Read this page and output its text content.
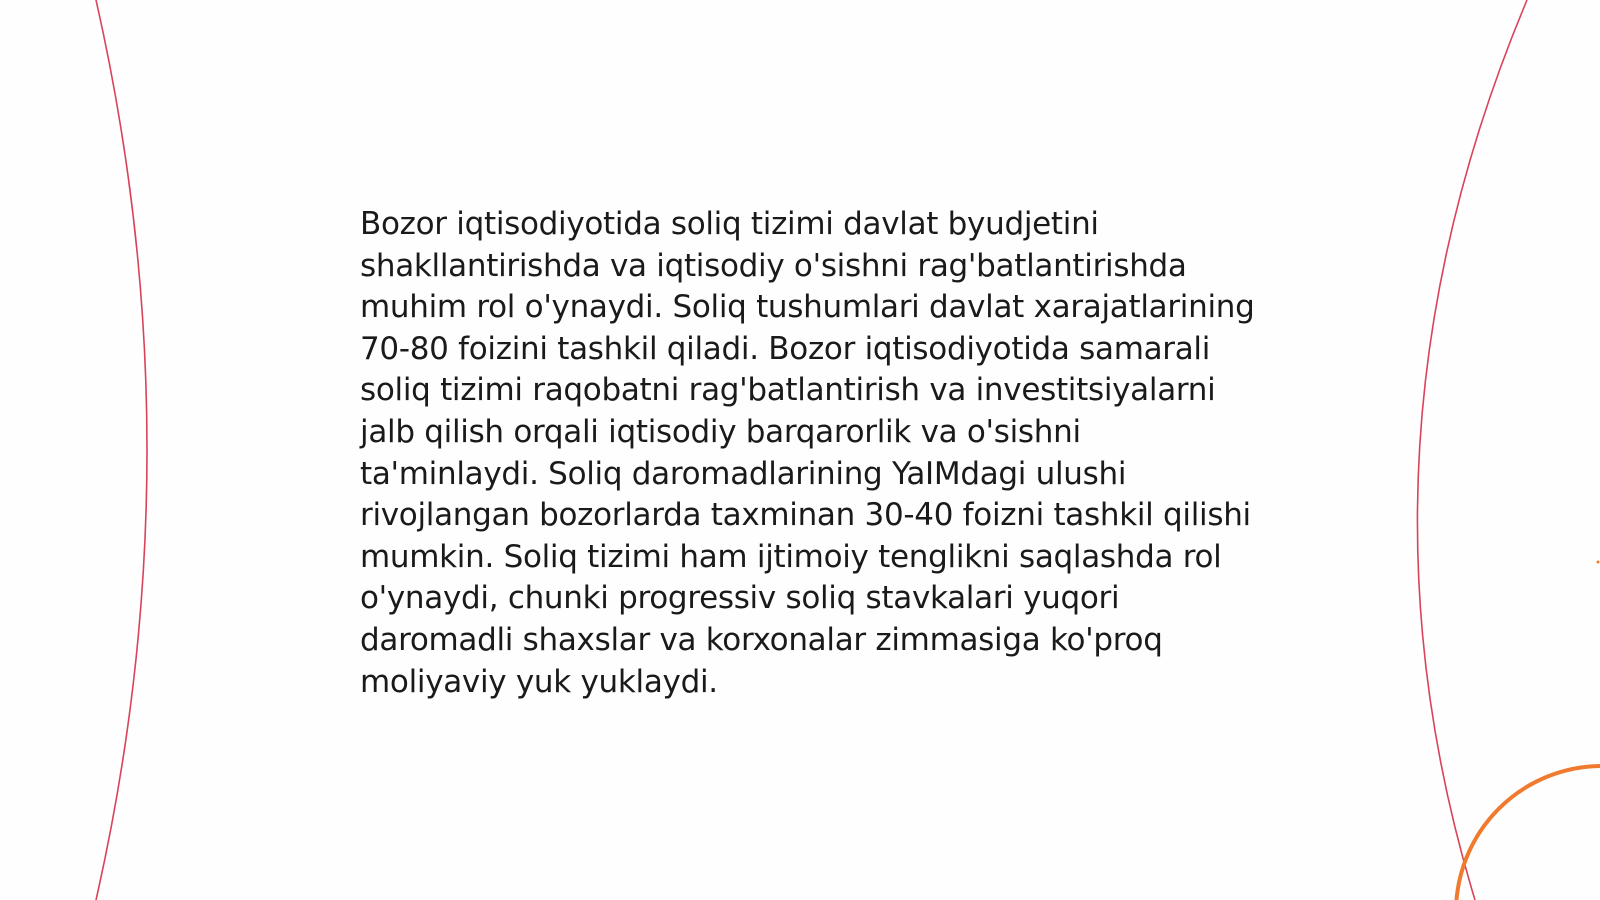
Bozor iqtisodiyotida soliq tizimi davlat byudjetini shakllantirishda va iqtisodiy o'sishni rag'batlantirishda muhim rol o'ynaydi. Soliq tushumlari davlat xarajatlarining 70-80 foizini tashkil qiladi. Bozor iqtisodiyotida samarali soliq tizimi raqobatni rag'batlantirish va investitsiyalarni jalb qilish orqali iqtisodiy barqarorlik va o'sishni ta'minlaydi. Soliq daromadlarining YaIMdagi ulushi rivojlangan bozorlarda taxminan 30-40 foizni tashkil qilishi mumkin. Soliq tizimi ham ijtimoiy tenglikni saqlashda rol o'ynaydi, chunki progressiv soliq stavkalari yuqori daromadli shaxslar va korxonalar zimmasiga ko'proq moliyaviy yuk yuklaydi.
